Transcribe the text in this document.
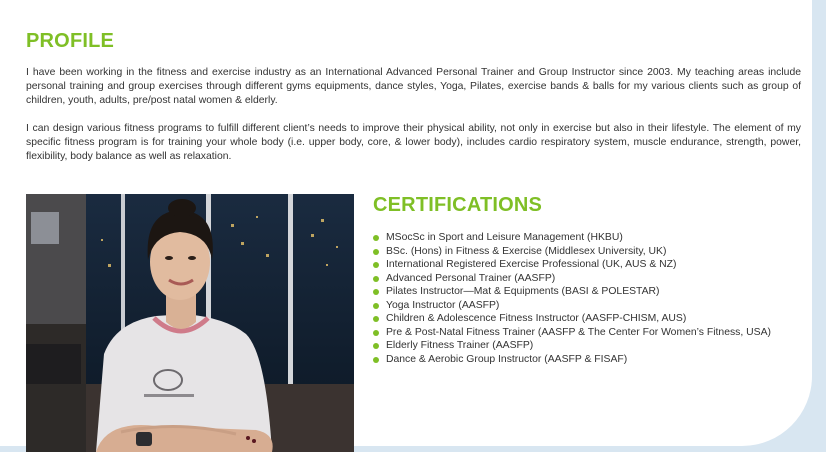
PROFILE

I have been working in the fitness and exercise industry as an International Advanced Personal Trainer and Group Instructor since 2003. My teaching areas include personal training and group exercises through different gyms equipments, dance styles, Yoga, Pilates, exercise bands & balls for my various clients such as group of children, youth, adults, pre/post natal women & elderly.

I can design various fitness programs to fulfill different client’s needs to improve their physical ability, not only in exercise but also in their lifestyle. The element of my specific fitness program is for training your whole body (i.e. upper body, core, & lower body), includes cardio respiratory system, muscle endurance, strength, power, flexibility, body balance as well as relaxation.

CERTIFICATIONS
MSocSc in Sport and Leisure Management (HKBU)
BSc. (Hons) in Fitness & Exercise (Middlesex University, UK)
International Registered Exercise Professional (UK, AUS & NZ)
Advanced Personal Trainer (AASFP)
Pilates Instructor—Mat & Equipments (BASI & POLESTAR)
Yoga Instructor (AASFP)
Children & Adolescence Fitness Instructor (AASFP-CHISM, AUS)
Pre & Post-Natal Fitness Trainer (AASFP & The Center For Women’s Fitness, USA)
Elderly Fitness Trainer (AASFP)
Dance & Aerobic Group Instructor (AASFP & FISAF)
